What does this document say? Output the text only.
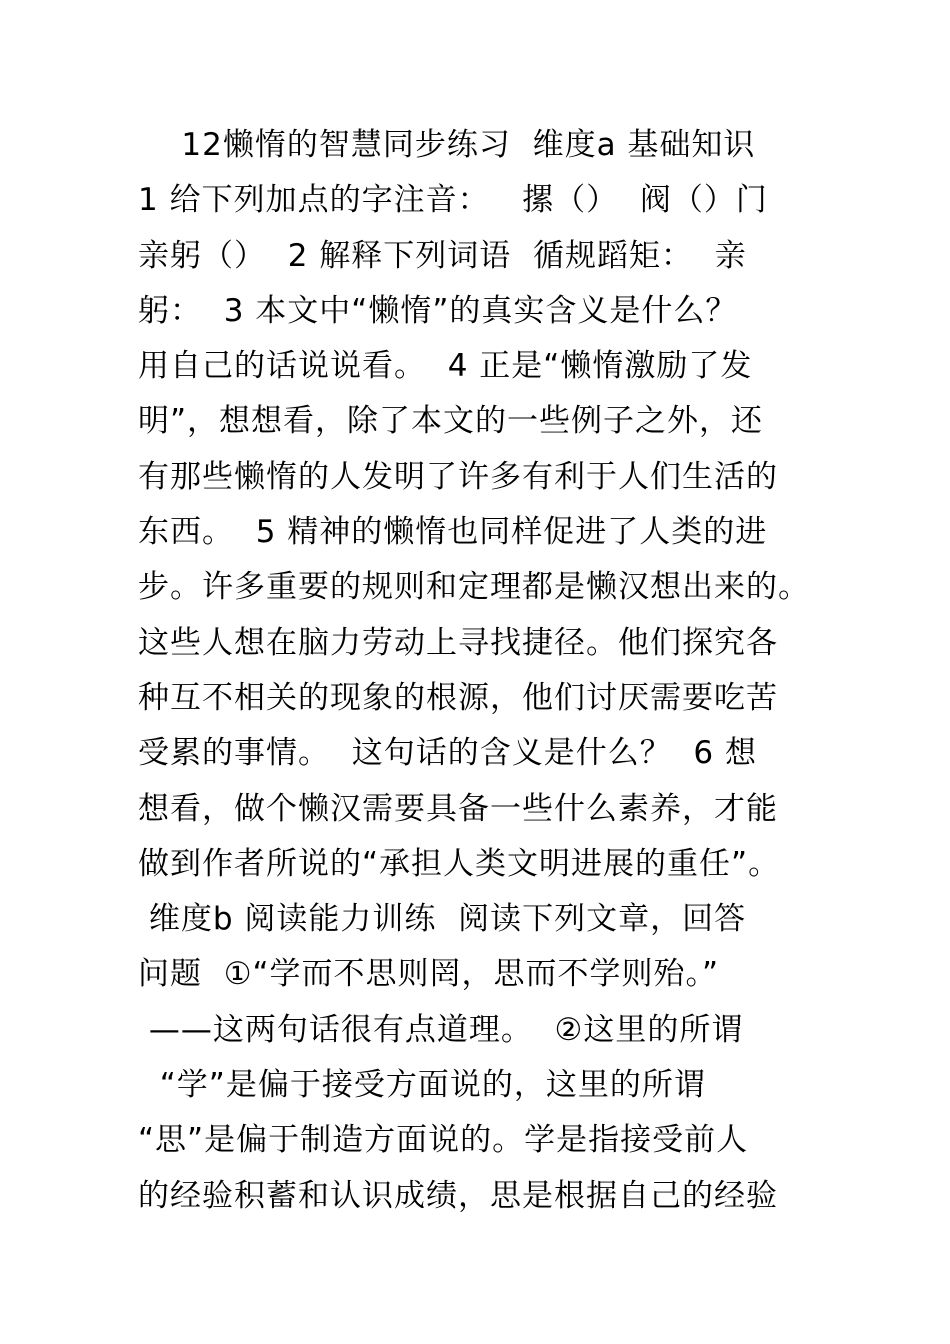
12懒惰的智慧同步练习  维度a 基础知识
1 给下列加点的字注音：   摞（）  阀（）门
亲躬（）  2 解释下列词语  循规蹈矩：  亲
躬：  3 本文中“懒惰”的真实含义是什么？
用自己的话说说看。  4 正是“懒惰激励了发
明”，想想看，除了本文的一些例子之外，还
有那些懒惰的人发明了许多有利于人们生活的
东西。  5 精神的懒惰也同样促进了人类的进
步。许多重要的规则和定理都是懒汉想出来的。
这些人想在脑力劳动上寻找捷径。他们探究各
种互不相关的现象的根源，他们讨厌需要吃苦
受累的事情。  这句话的含义是什么？  6 想
想看，做个懒汉需要具备一些什么素养，才能
做到作者所说的“承担人类文明进展的重任”。
维度b 阅读能力训练  阅读下列文章，回答
问题  ①“学而不思则罔，思而不学则殆。”
——这两句话很有点道理。  ②这里的所谓
“学”是偏于接受方面说的，这里的所谓
“思”是偏于制造方面说的。学是指接受前人
的经验积蓄和认识成绩，思是根据自己的经验
